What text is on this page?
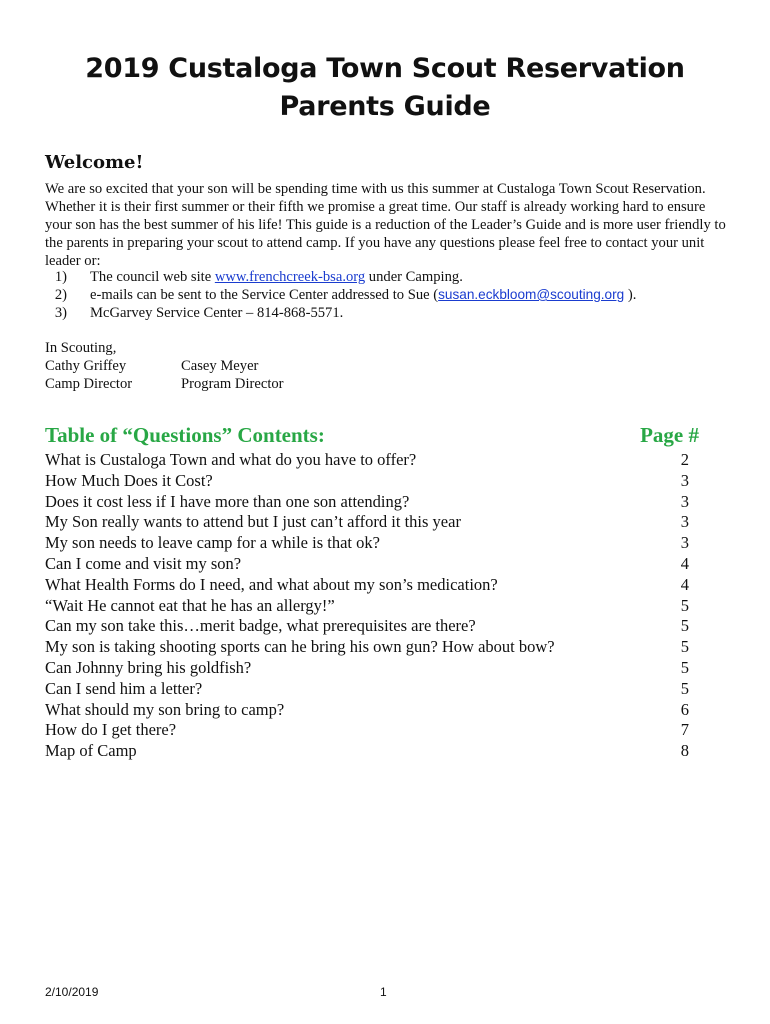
2019 Custaloga Town Scout Reservation
Parents Guide
Welcome!

We are so excited that your son will be spending time with us this summer at Custaloga Town Scout Reservation. Whether it is their first summer or their fifth we promise a great time. Our staff is already working hard to ensure your son has the best summer of his life! This guide is a reduction of the Leader’s Guide and is more user friendly to the parents in preparing your scout to attend camp. If you have any questions please feel free to contact your unit leader or:

1) The council web site www.frenchcreek-bsa.org under Camping.
2) e-mails can be sent to the Service Center addressed to Sue (susan.eckbloom@scouting.org ).
3) McGarvey Service Center – 814-868-5571.
In Scouting,
Cathy Griffey	Casey Meyer
Camp Director	Program Director
Table of “Questions” Contents:	Page #
What is Custaloga Town and what do you have to offer?	2
How Much Does it Cost?	3
Does it cost less if I have more than one son attending?	3
My Son really wants to attend but I just can’t afford it this year	3
My son needs to leave camp for a while is that ok?	3
Can I come and visit my son?	4
What Health Forms do I need, and what about my son’s medication?	4
“Wait He cannot eat that he has an allergy!”	5
Can my son take this…merit badge, what prerequisites are there?	5
My son is taking shooting sports can he bring his own gun? How about bow?	5
Can Johnny bring his goldfish?	5
Can I send him a letter?	5
What should my son bring to camp?	6
How do I get there?	7
Map of Camp	8
2/10/2019	1
